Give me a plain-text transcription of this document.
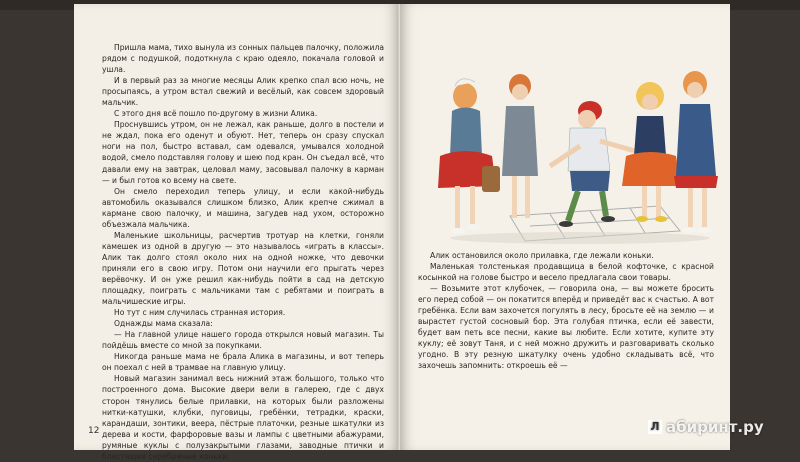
Пришла мама, тихо вынула из сонных пальцев палочку, положила рядом с подушкой, подоткнула с краю одеяло, покачала головой и ушла.

И в первый раз за многие месяцы Алик крепко спал всю ночь, не просыпаясь, а утром встал свежий и весёлый, как совсем здоровый мальчик.

С этого дня всё пошло по-другому в жизни Алика.

Проснувшись утром, он не лежал, как раньше, долго в постели и не ждал, пока его оденут и обуют. Нет, теперь он сразу спускал ноги на пол, быстро вставал, сам одевался, умывался холодной водой, смело подставляя голову и шею под кран. Он съедал всё, что давали ему на завтрак, целовал маму, засовывал палочку в карман — и был готов ко всему на свете.

Он смело переходил теперь улицу, и если какой-нибудь автомобиль оказывался слишком близко, Алик крепче сжимал в кармане свою палочку, и машина, загудев над ухом, осторожно объезжала мальчика.

Маленькие школьницы, расчертив тротуар на клетки, гоняли камешек из одной в другую — это называлось «играть в классы». Алик так долго стоял около них на одной ножке, что девочки приняли его в свою игру. Потом они научили его прыгать через верёвочку. И он уже решил как-нибудь пойти в сад на детскую площадку, поиграть с мальчиками там с ребятами и поиграть в мальчишеские игры.

Но тут с ним случилась странная история.

Однажды мама сказала:

— На главной улице нашего города открылся новый магазин. Ты пойдёшь вместе со мной за покупками.

Никогда раньше мама не брала Алика в магазины, и вот теперь он поехал с ней в трамвае на главную улицу.

Новый магазин занимал весь нижний этаж большого, только что построенного дома. Высокие двери вели в галерею, где с двух сторон тянулись белые прилавки, на которых были разложены нитки-катушки, клубки, пуговицы, гребёнки, тетрадки, краски, карандаши, зонтики, веера, пёстрые платочки, резные шкатулки из дерева и кости, фарфоровые вазы и лампы с цветными абажурами, румяные куклы с полузакрытыми глазами, заводные птички и блестящие серебряные коньки.

12

Алик остановился около прилавка, где лежали коньки.

Маленькая толстенькая продавщица в белой кофточке, с красной косынкой на голове быстро и весело предлагала свои товары.

— Возьмите этот клубочек, — говорила она, — вы можете бросить его перед собой — он покатится вперёд и приведёт вас к счастью. А вот гребёнка. Если вам захочется погулять в лесу, бросьте её на землю — и вырастет густой сосновый бор. Эта голубая птичка, если её завести, будет вам петь все песни, какие вы любите. Если хотите, купите эту куклу; её зовут Таня, и с ней можно дружить и разговаривать сколько угодно. В эту резную шкатулку очень удобно складывать всё, что захочешь запомнить: откроешь её —

Л абиринт.ру
